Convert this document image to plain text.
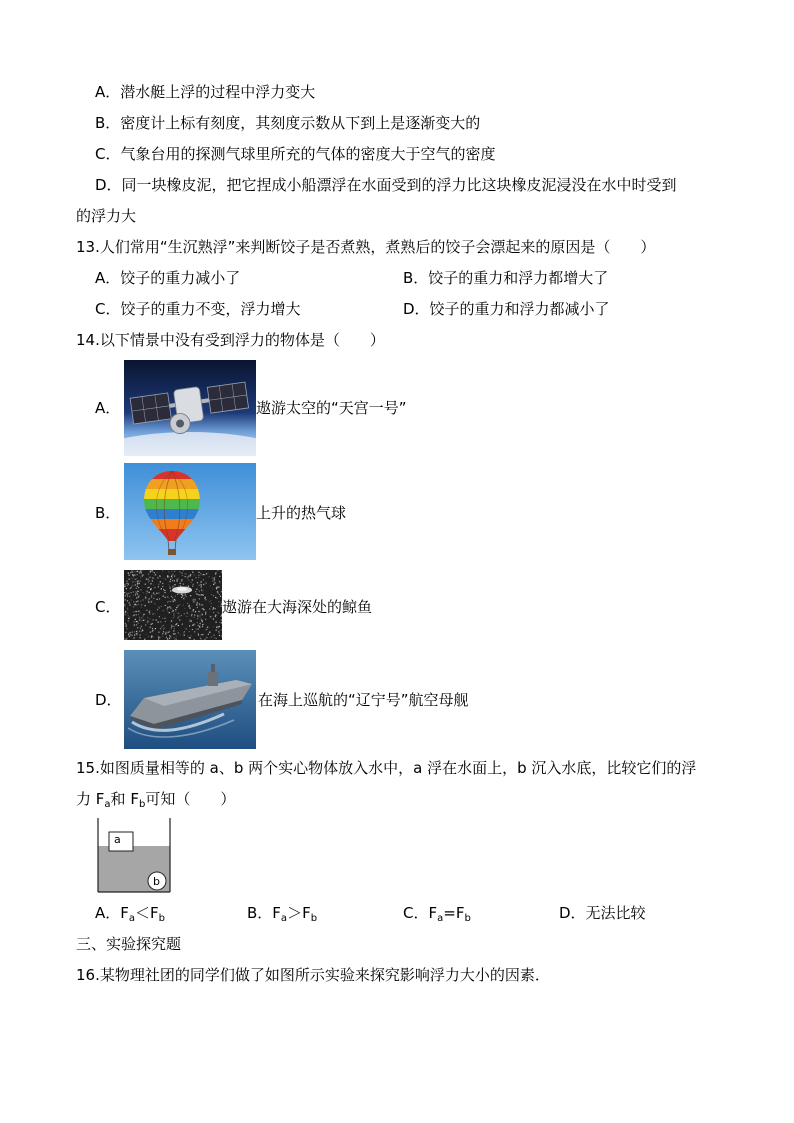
A．潜水艇上浮的过程中浮力变大
B．密度计上标有刻度，其刻度示数从下到上是逐渐变大的
C．气象台用的探测气球里所充的气体的密度大于空气的密度
D．同一块橡皮泥，把它捏成小船漂浮在水面受到的浮力比这块橡皮泥浸没在水中时受到
的浮力大
13.人们常用“生沉熟浮”来判断饺子是否煮熟，煮熟后的饺子会漂起来的原因是（　　）
A．饺子的重力减小了	B．饺子的重力和浮力都增大了
C．饺子的重力不变，浮力增大	D．饺子的重力和浮力都减小了
14.以下情景中没有受到浮力的物体是（　　）
A．	遨游太空的“天宫一号”
B．	上升的热气球
C．	遨游在大海深处的鲸鱼
D．	在海上巡航的“辽宁号”航空母舰
15.如图质量相等的 a、b 两个实心物体放入水中，a 浮在水面上，b 沉入水底，比较它们的浮
力 $F_a$和 $F_b$可知（　　）
a
b
A．$F_a<F_b$	B．$F_a>F_b$	C．$F_a=F_b$	D．无法比较
三、实验探究题
16.某物理社团的同学们做了如图所示实验来探究影响浮力大小的因素．
